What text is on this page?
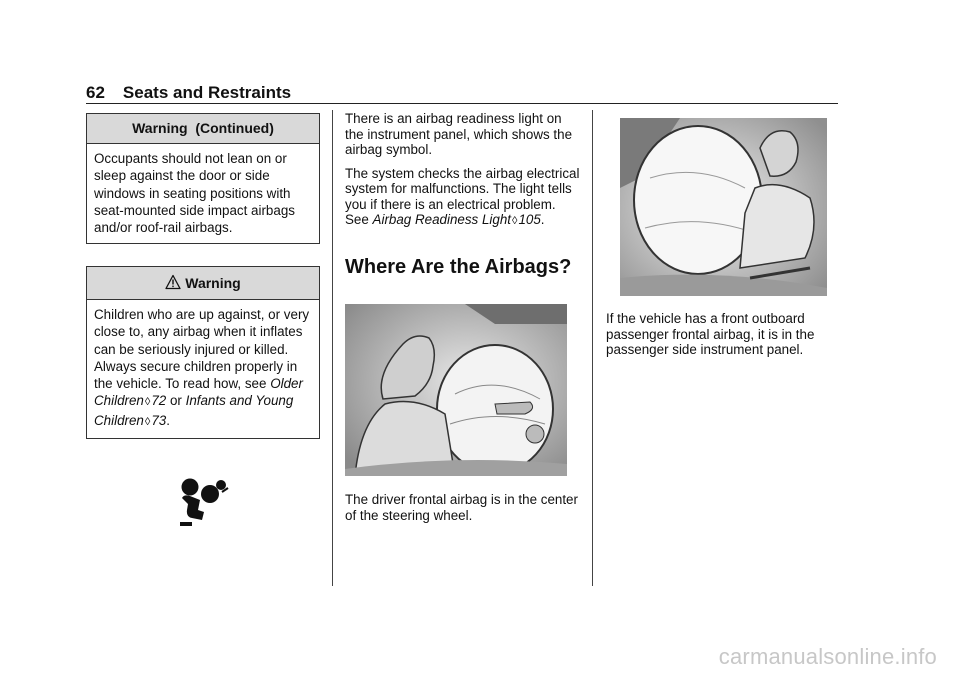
62 Seats and Restraints
Warning  (Continued)
Occupants should not lean on or sleep against the door or side windows in seating positions with seat-mounted side impact airbags and/or roof-rail airbags.
Warning
Children who are up against, or very close to, any airbag when it inflates can be seriously injured or killed. Always secure children properly in the vehicle. To read how, see Older Children◊72 or Infants and Young Children◊73.

There is an airbag readiness light on the instrument panel, which shows the airbag symbol.

The system checks the airbag electrical system for malfunctions. The light tells you if there is an electrical problem. See Airbag Readiness Light◊105.

Where Are the Airbags?
The driver frontal airbag is in the center of the steering wheel.
If the vehicle has a front outboard passenger frontal airbag, it is in the passenger side instrument panel.
carmanualsonline.info
